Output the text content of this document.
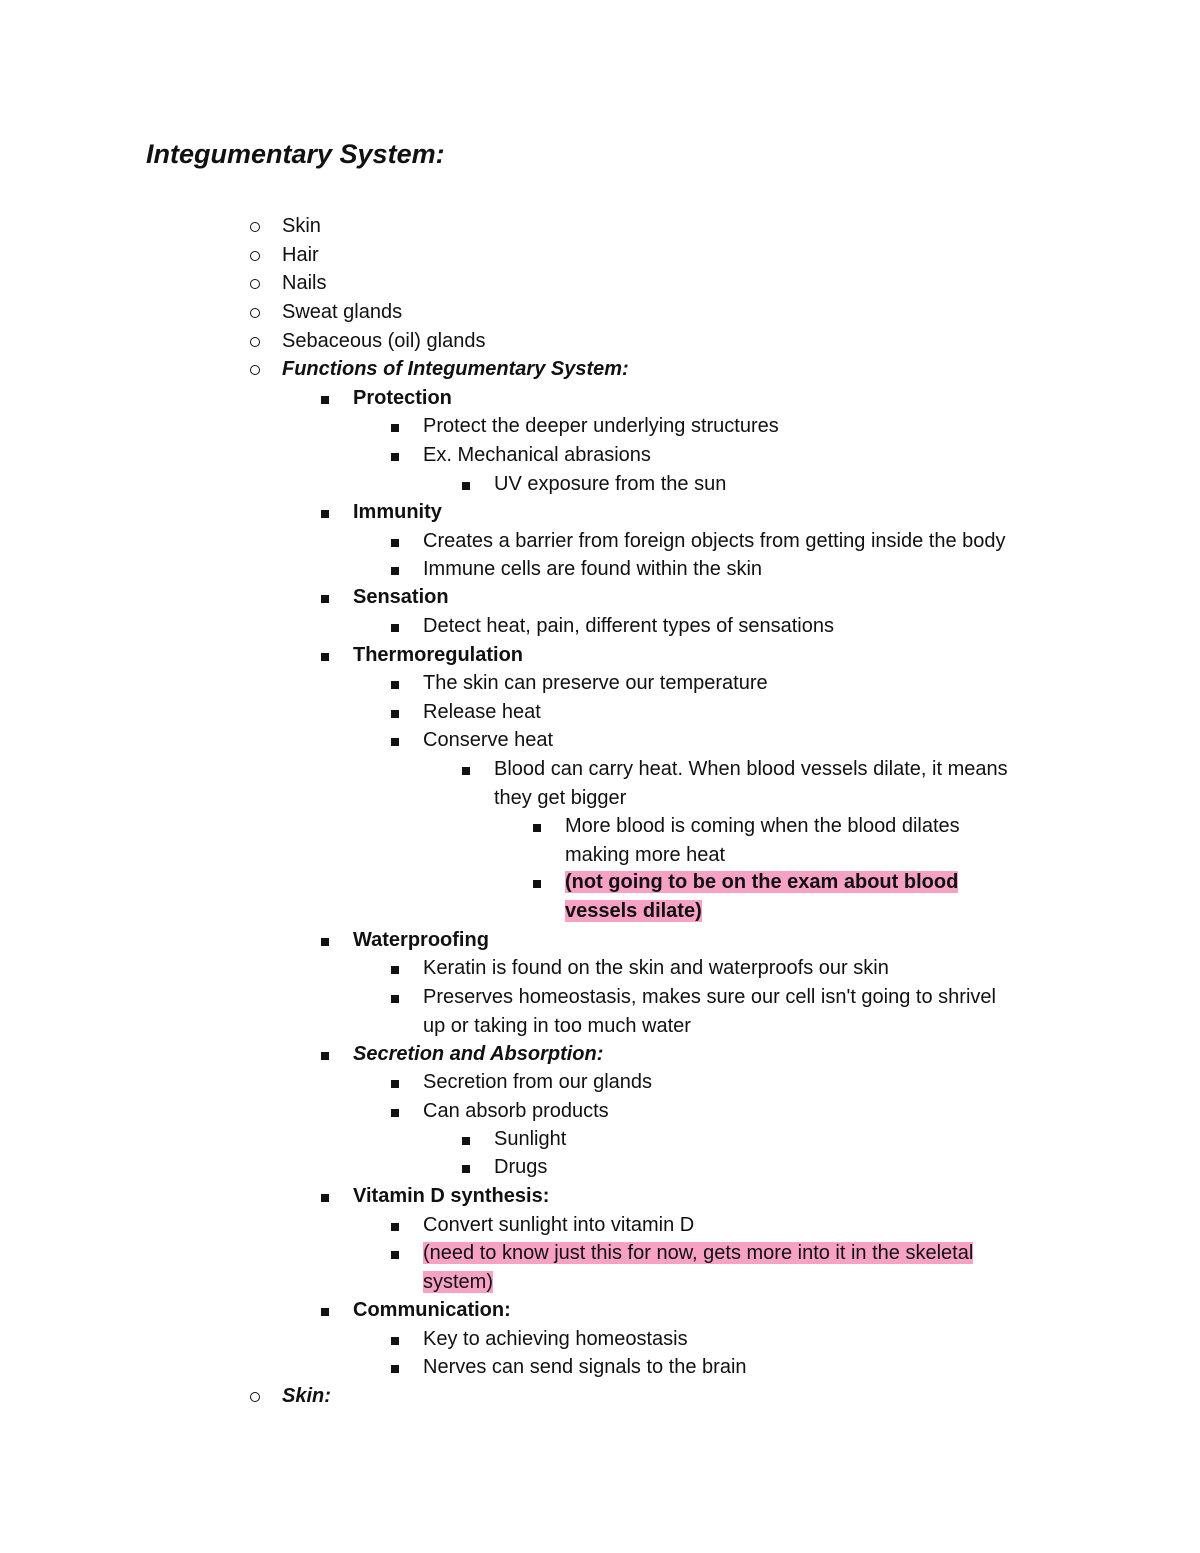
Integumentary System:
Skin
Hair
Nails
Sweat glands
Sebaceous (oil) glands
Functions of Integumentary System:
Protection
Protect the deeper underlying structures
Ex. Mechanical abrasions
UV exposure from the sun
Immunity
Creates a barrier from foreign objects from getting inside the body
Immune cells are found within the skin
Sensation
Detect heat, pain, different types of sensations
Thermoregulation
The skin can preserve our temperature
Release heat
Conserve heat
Blood can carry heat. When blood vessels dilate, it means
they get bigger
More blood is coming when the blood dilates
making more heat
(not going to be on the exam about blood
vessels dilate)
Waterproofing
Keratin is found on the skin and waterproofs our skin
Preserves homeostasis, makes sure our cell isn't going to shrivel
up or taking in too much water
Secretion and Absorption:
Secretion from our glands
Can absorb products
Sunlight
Drugs
Vitamin D synthesis:
Convert sunlight into vitamin D
(need to know just this for now, gets more into it in the skeletal
system)
Communication:
Key to achieving homeostasis
Nerves can send signals to the brain
Skin:
